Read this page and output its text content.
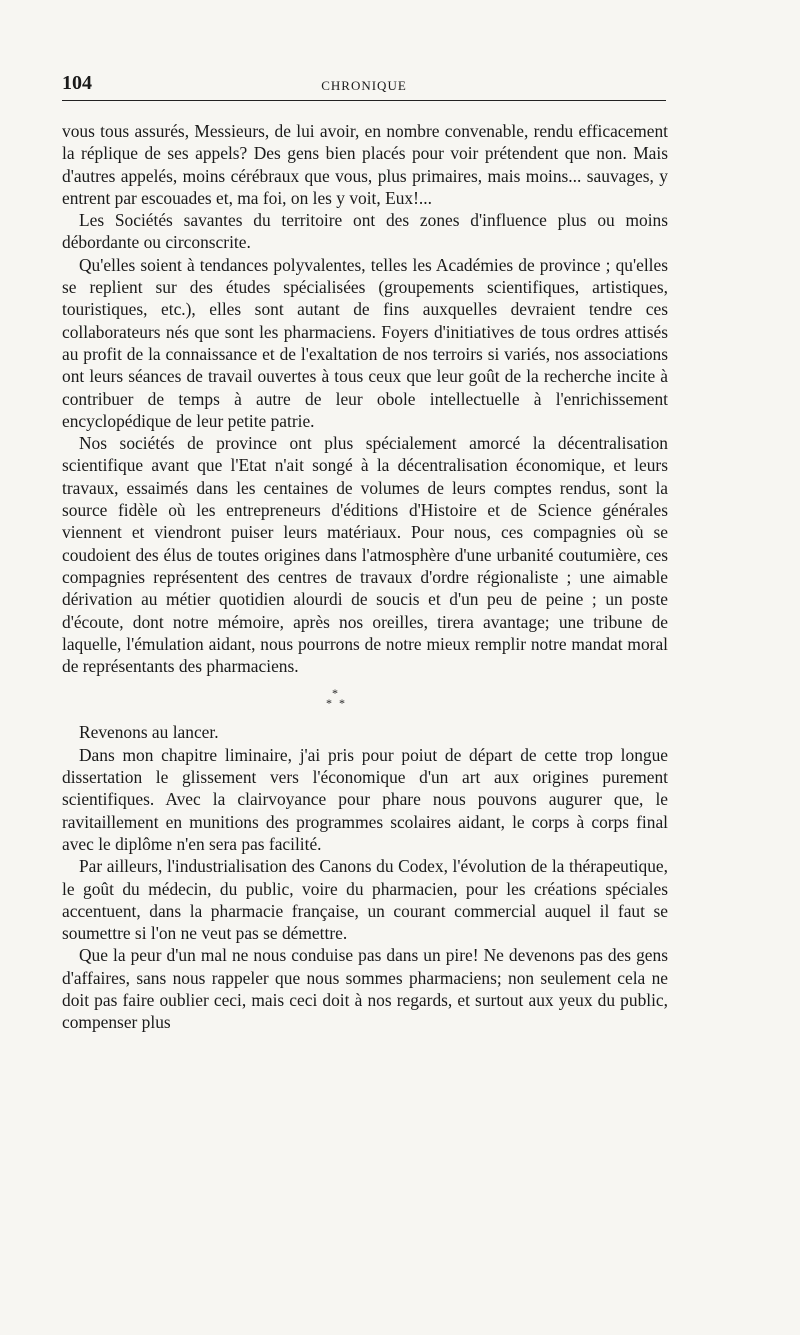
104	CHRONIQUE

vous tous assurés, Messieurs, de lui avoir, en nombre convenable, rendu efficacement la réplique de ses appels? Des gens bien placés pour voir prétendent que non. Mais d'autres appelés, moins cérébraux que vous, plus primaires, mais moins... sauvages, y entrent par escouades et, ma foi, on les y voit, Eux!...

Les Sociétés savantes du territoire ont des zones d'influence plus ou moins débordante ou circonscrite.

Qu'elles soient à tendances polyvalentes, telles les Académies de province ; qu'elles se replient sur des études spécialisées (groupements scientifiques, artistiques, touristiques, etc.), elles sont autant de fins auxquelles devraient tendre ces collaborateurs nés que sont les pharmaciens. Foyers d'initiatives de tous ordres attisés au profit de la connaissance et de l'exaltation de nos terroirs si variés, nos associations ont leurs séances de travail ouvertes à tous ceux que leur goût de la recherche incite à contribuer de temps à autre de leur obole intellectuelle à l'enrichissement encyclopédique de leur petite patrie.

Nos sociétés de province ont plus spécialement amorcé la décentralisation scientifique avant que l'Etat n'ait songé à la décentralisation économique, et leurs travaux, essaimés dans les centaines de volumes de leurs comptes rendus, sont la source fidèle où les entrepreneurs d'éditions d'Histoire et de Science générales viennent et viendront puiser leurs matériaux. Pour nous, ces compagnies où se coudoient des élus de toutes origines dans l'atmosphère d'une urbanité coutumière, ces compagnies représentent des centres de travaux d'ordre régionaliste ; une aimable dérivation au métier quotidien alourdi de soucis et d'un peu de peine ; un poste d'écoute, dont notre mémoire, après nos oreilles, tirera avantage; une tribune de laquelle, l'émulation aidant, nous pourrons de notre mieux remplir notre mandat moral de représentants des pharmaciens.

*
* *

Revenons au lancer.

Dans mon chapitre liminaire, j'ai pris pour poiut de départ de cette trop longue dissertation le glissement vers l'économique d'un art aux origines purement scientifiques. Avec la clairvoyance pour phare nous pouvons augurer que, le ravitaillement en munitions des programmes scolaires aidant, le corps à corps final avec le diplôme n'en sera pas facilité.

Par ailleurs, l'industrialisation des Canons du Codex, l'évolution de la thérapeutique, le goût du médecin, du public, voire du pharmacien, pour les créations spéciales accentuent, dans la pharmacie française, un courant commercial auquel il faut se soumettre si l'on ne veut pas se démettre.

Que la peur d'un mal ne nous conduise pas dans un pire! Ne devenons pas des gens d'affaires, sans nous rappeler que nous sommes pharmaciens; non seulement cela ne doit pas faire oublier ceci, mais ceci doit à nos regards, et surtout aux yeux du public, compenser plus
